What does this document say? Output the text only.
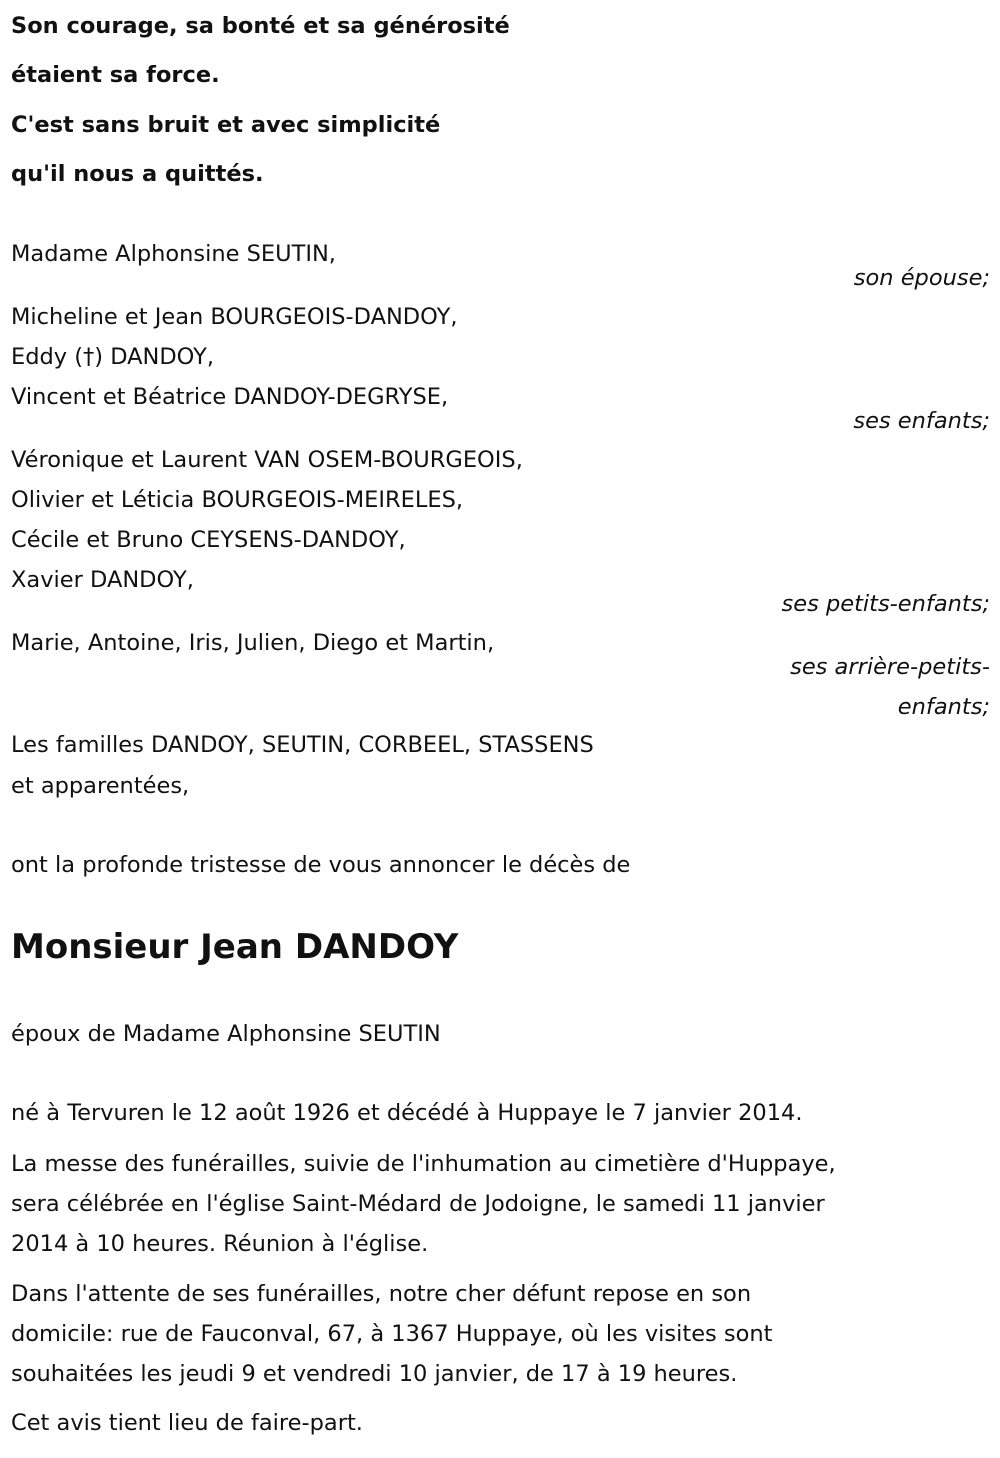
Son courage, sa bonté et sa générosité
étaient sa force.
C'est sans bruit et avec simplicité
qu'il nous a quittés.
Madame Alphonsine SEUTIN,
son épouse;
Micheline et Jean BOURGEOIS-DANDOY,
Eddy (†) DANDOY,
Vincent et Béatrice DANDOY-DEGRYSE,
ses enfants;
Véronique et Laurent VAN OSEM-BOURGEOIS,
Olivier et Léticia BOURGEOIS-MEIRELES,
Cécile et Bruno CEYSENS-DANDOY,
Xavier DANDOY,
ses petits-enfants;
Marie, Antoine, Iris, Julien, Diego et Martin,
ses arrière-petits-
enfants;
Les familles DANDOY, SEUTIN, CORBEEL, STASSENS
et apparentées,
ont la profonde tristesse de vous annoncer le décès de
Monsieur Jean DANDOY
époux de Madame Alphonsine SEUTIN
né à Tervuren le 12 août 1926 et décédé à Huppaye le 7 janvier 2014.
La messe des funérailles, suivie de l'inhumation au cimetière d'Huppaye,
sera célébrée en l'église Saint-Médard de Jodoigne, le samedi 11 janvier
2014 à 10 heures. Réunion à l'église.
Dans l'attente de ses funérailles, notre cher défunt repose en son
domicile: rue de Fauconval, 67, à 1367 Huppaye, où les visites sont
souhaitées les jeudi 9 et vendredi 10 janvier, de 17 à 19 heures.
Cet avis tient lieu de faire-part.
